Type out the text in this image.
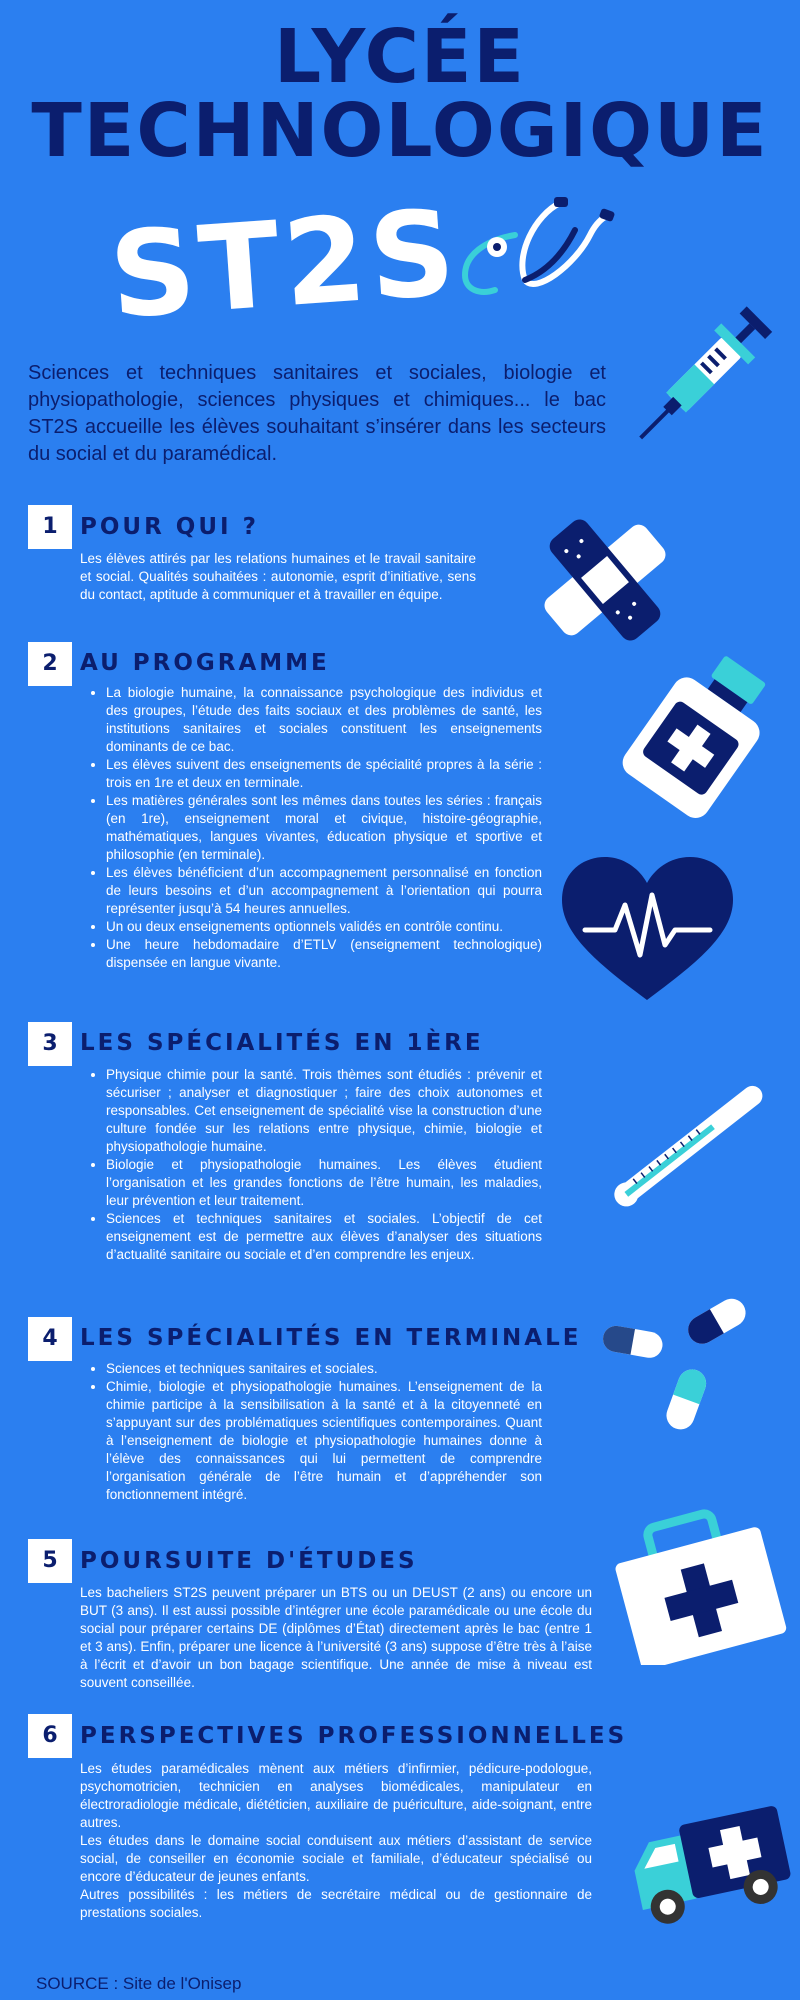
LYCÉE
TECHNOLOGIQUE
ST2S
Sciences et techniques sanitaires et sociales, biologie et physiopathologie, sciences physiques et chimiques... le bac ST2S accueille les élèves souhaitant s’insérer dans les secteurs du social et du paramédical.
1 POUR QUI ?
Les élèves attirés par les relations humaines et le travail sanitaire et social. Qualités souhaitées : autonomie, esprit d’initiative, sens du contact, aptitude à communiquer et à travailler en équipe.
2 AU PROGRAMME
• La biologie humaine, la connaissance psychologique des individus et des groupes, l’étude des faits sociaux et des problèmes de santé, les institutions sanitaires et sociales constituent les enseignements dominants de ce bac.
• Les élèves suivent des enseignements de spécialité propres à la série : trois en 1re et deux en terminale.
• Les matières générales sont les mêmes dans toutes les séries : français (en 1re), enseignement moral et civique, histoire-géographie, mathématiques, langues vivantes, éducation physique et sportive et philosophie (en terminale).
• Les élèves bénéficient d’un accompagnement personnalisé en fonction de leurs besoins et d’un accompagnement à l’orientation qui pourra représenter jusqu’à 54 heures annuelles.
• Un ou deux enseignements optionnels validés en contrôle continu.
• Une heure hebdomadaire d’ETLV (enseignement technologique) dispensée en langue vivante.
3 LES SPÉCIALITÉS EN 1ÈRE
• Physique chimie pour la santé. Trois thèmes sont étudiés : prévenir et sécuriser ; analyser et diagnostiquer ; faire des choix autonomes et responsables. Cet enseignement de spécialité vise la construction d’une culture fondée sur les relations entre physique, chimie, biologie et physiopathologie humaine.
• Biologie et physiopathologie humaines. Les élèves étudient l’organisation et les grandes fonctions de l’être humain, les maladies, leur prévention et leur traitement.
• Sciences et techniques sanitaires et sociales. L’objectif de cet enseignement est de permettre aux élèves d’analyser des situations d’actualité sanitaire ou sociale et d’en comprendre les enjeux.
4 LES SPÉCIALITÉS EN TERMINALE
• Sciences et techniques sanitaires et sociales.
• Chimie, biologie et physiopathologie humaines. L’enseignement de la chimie participe à la sensibilisation à la santé et à la citoyenneté en s’appuyant sur des problématiques scientifiques contemporaines. Quant à l’enseignement de biologie et physiopathologie humaines donne à l’élève des connaissances qui lui permettent de comprendre l’organisation générale de l’être humain et d’appréhender son fonctionnement intégré.
5 POURSUITE D'ÉTUDES
Les bacheliers ST2S peuvent préparer un BTS ou un DEUST (2 ans) ou encore un BUT (3 ans). Il est aussi possible d’intégrer une école paramédicale ou une école du social pour préparer certains DE (diplômes d’État) directement après le bac (entre 1 et 3 ans). Enfin, préparer une licence à l’université (3 ans) suppose d’être très à l’aise à l’écrit et d’avoir un bon bagage scientifique. Une année de mise à niveau est souvent conseillée.
6 PERSPECTIVES PROFESSIONNELLES
Les études paramédicales mènent aux métiers d’infirmier, pédicure-podologue, psychomotricien, technicien en analyses biomédicales, manipulateur en électroradiologie médicale, diététicien, auxiliaire de puériculture, aide-soignant, entre autres.
Les études dans le domaine social conduisent aux métiers d’assistant de service social, de conseiller en économie sociale et familiale, d’éducateur spécialisé ou encore d’éducateur de jeunes enfants.
Autres possibilités : les métiers de secrétaire médical ou de gestionnaire de prestations sociales.
SOURCE : Site de l'Onisep
